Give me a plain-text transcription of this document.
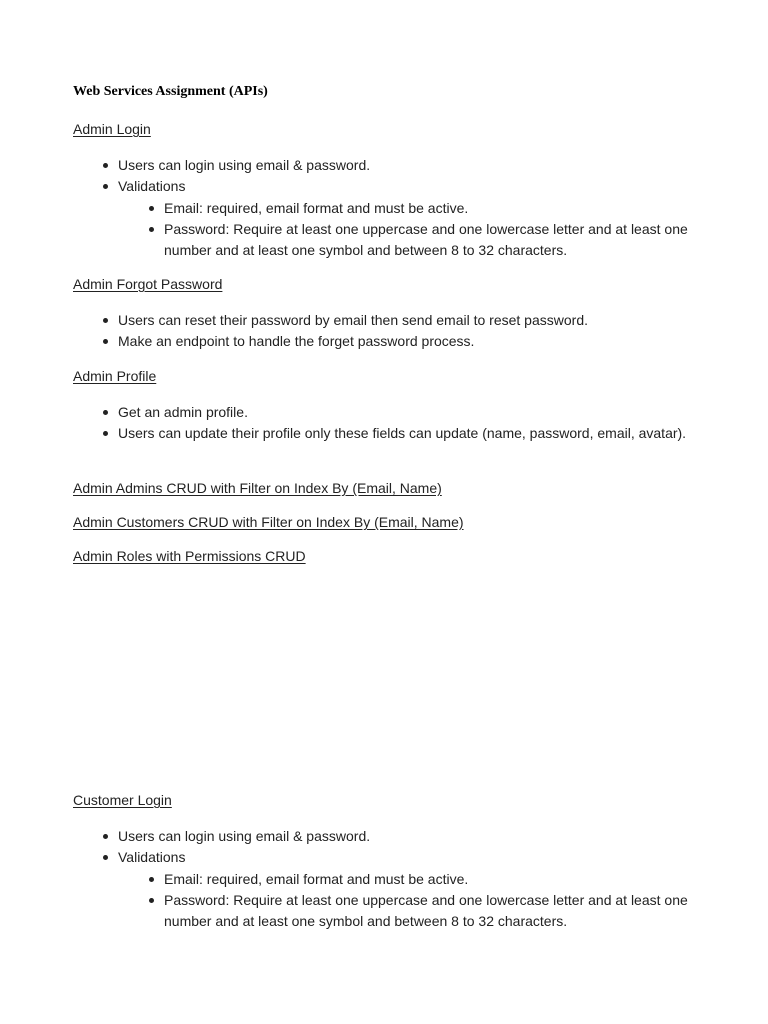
Web Services Assignment (APIs)
Admin Login
Users can login using email & password.
Validations
Email: required, email format and must be active.
Password: Require at least one uppercase and one lowercase letter and at least one number and at least one symbol and between 8 to 32 characters.
Admin Forgot Password
Users can reset their password by email then send email to reset password.
Make an endpoint to handle the forget password process.
Admin Profile
Get an admin profile.
Users can update their profile only these fields can update (name, password, email, avatar).
Admin Admins CRUD with Filter on Index By (Email, Name)
Admin Customers CRUD with Filter on Index By (Email, Name)
Admin Roles with Permissions CRUD
Customer Login
Users can login using email & password.
Validations
Email: required, email format and must be active.
Password: Require at least one uppercase and one lowercase letter and at least one number and at least one symbol and between 8 to 32 characters.
